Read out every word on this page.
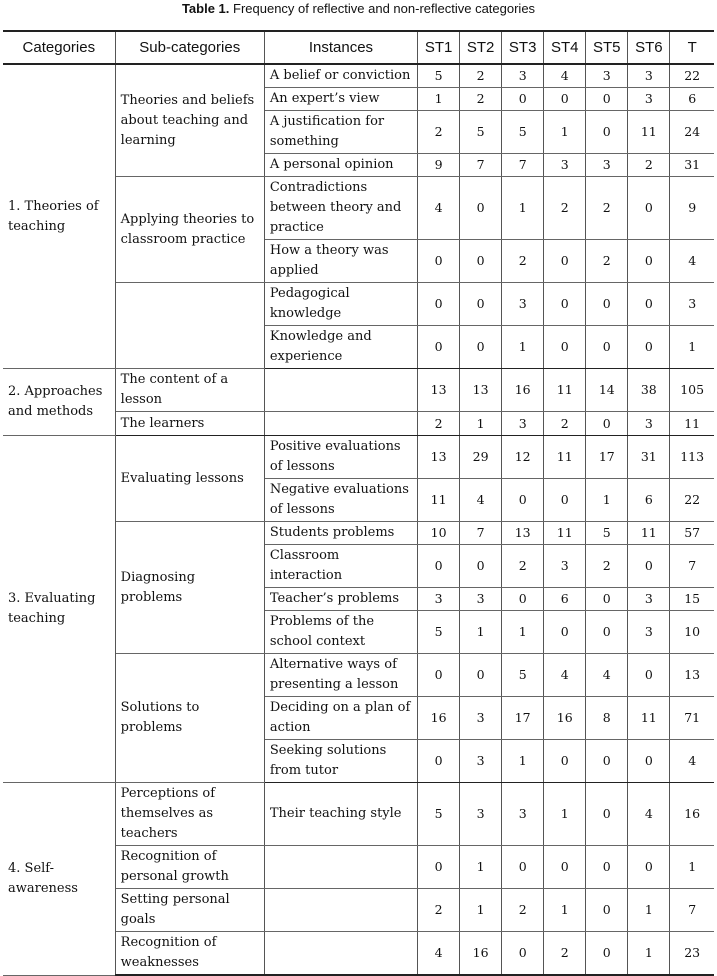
Table 1. Frequency of reflective and non-reflective categories
Categories	Sub-categories	Instances	ST1	ST2	ST3	ST4	ST5	ST6	T
1. Theories of teaching	Theories and beliefs about teaching and learning	A belief or conviction	5	2	3	4	3	3	22
		An expert’s view	1	2	0	0	0	3	6
		A justification for something	2	5	5	1	0	11	24
		A personal opinion	9	7	7	3	3	2	31
	Applying theories to classroom practice	Contradictions between theory and practice	4	0	1	2	2	0	9
		How a theory was applied	0	0	2	0	2	0	4
		Pedagogical knowledge	0	0	3	0	0	0	3
		Knowledge and experience	0	0	1	0	0	0	1
2. Approaches and methods	The content of a lesson		13	13	16	11	14	38	105
	The learners		2	1	3	2	0	3	11
3. Evaluating teaching	Evaluating lessons	Positive evaluations of lessons	13	29	12	11	17	31	113
		Negative evaluations of lessons	11	4	0	0	1	6	22
	Diagnosing problems	Students problems	10	7	13	11	5	11	57
		Classroom interaction	0	0	2	3	2	0	7
		Teacher’s problems	3	3	0	6	0	3	15
		Problems of the school context	5	1	1	0	0	3	10
	Solutions to problems	Alternative ways of presenting a lesson	0	0	5	4	4	0	13
		Deciding on a plan of action	16	3	17	16	8	11	71
		Seeking solutions from tutor	0	3	1	0	0	0	4
4. Self-awareness	Perceptions of themselves as teachers	Their teaching style	5	3	3	1	0	4	16
	Recognition of personal growth		0	1	0	0	0	0	1
	Setting personal goals		2	1	2	1	0	1	7
	Recognition of weaknesses		4	16	0	2	0	1	23
